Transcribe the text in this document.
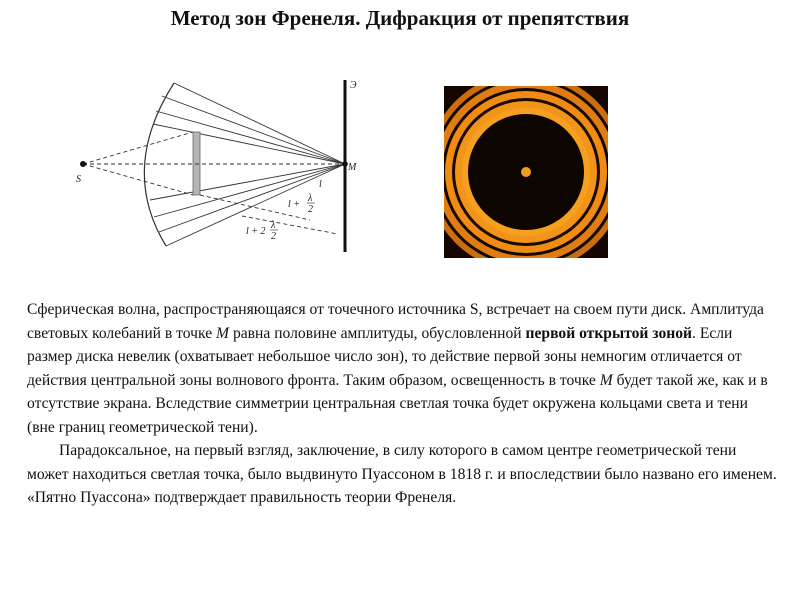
Метод зон Френеля. Дифракция от препятствия
Э
S
M
l
l +
λ
2
l + 2
λ
2

Сферическая волна, распространяющаяся от точечного источника S, встречает на своем пути диск. Амплитуда световых колебаний в точке M равна половине амплитуды, обусловленной первой открытой зоной. Если размер диска невелик (охватывает небольшое число зон), то действие первой зоны немногим отличается от действия центральной зоны волнового фронта. Таким образом, освещенность в точке M будет такой же, как и в отсутствие экрана. Вследствие симметрии центральная светлая точка будет окружена кольцами света и тени (вне границ геометрической тени).

Парадоксальное, на первый взгляд, заключение, в силу которого в самом центре геометрической тени может находиться светлая точка, было выдвинуто Пуассоном в 1818 г. и впоследствии было названо его именем. «Пятно Пуассона» подтверждает правильность теории Френеля.
